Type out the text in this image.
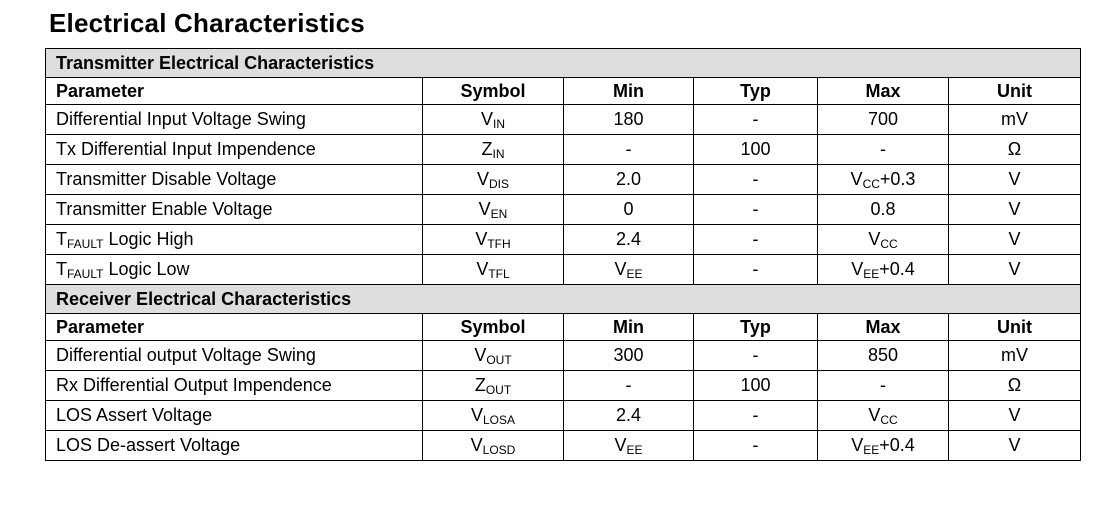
Electrical Characteristics
Transmitter Electrical Characteristics					
Parameter	Symbol	Min	Typ	Max	Unit
Differential Input Voltage Swing	$V_{IN}$	180	-	700	mV
Tx Differential Input Impendence	$Z_{IN}$	-	100	-	Ω
Transmitter Disable Voltage	$V_{DIS}$	2.0	-	$V_{CC}+0.3$	V
Transmitter Enable Voltage	$V_{EN}$	0	-	0.8	V
$T_{FAULT}$ Logic High	$V_{TFH}$	2.4	-	$V_{CC}$	V
$T_{FAULT}$ Logic Low	$V_{TFL}$	$V_{EE}$	-	$V_{EE}+0.4$	V
Receiver Electrical Characteristics					
Parameter	Symbol	Min	Typ	Max	Unit
Differential output Voltage Swing	$V_{OUT}$	300	-	850	mV
Rx Differential Output Impendence	$Z_{OUT}$	-	100	-	Ω
LOS Assert Voltage	$V_{LOSA}$	2.4	-	$V_{CC}$	V
LOS De-assert Voltage	$V_{LOSD}$	$V_{EE}$	-	$V_{EE}+0.4$	V
